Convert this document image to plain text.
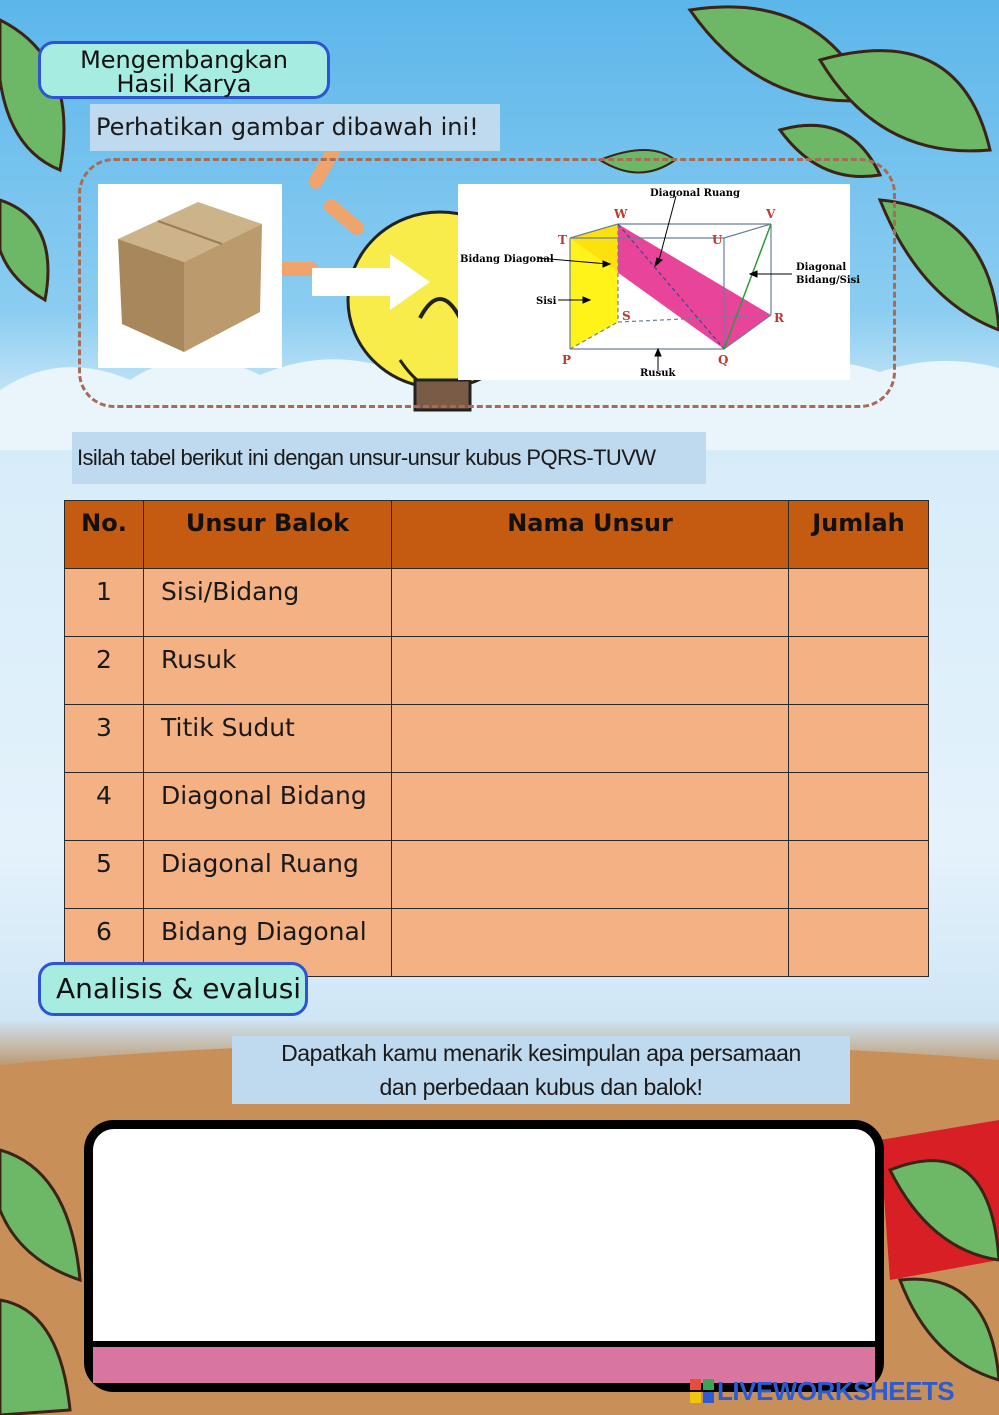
Mengembangkan
Hasil Karya
Perhatikan gambar dibawah ini!
Diagonal Ruang
Bidang Diagonal
Sisi
Rusuk
Diagonal
Bidang/Sisi
T
W
U
V
S	R
P	Q
Isilah tabel berikut ini dengan unsur-unsur kubus PQRS-TUVW
No.	Unsur Balok	Nama Unsur	Jumlah
1	Sisi/Bidang		
2	Rusuk		
3	Titik Sudut		
4	Diagonal Bidang		
5	Diagonal Ruang		
6	Bidang Diagonal		
Analisis & evalusi
Dapatkah kamu menarik kesimpulan apa persamaan
dan perbedaan kubus dan balok!
LIVEWORKSHEETS
